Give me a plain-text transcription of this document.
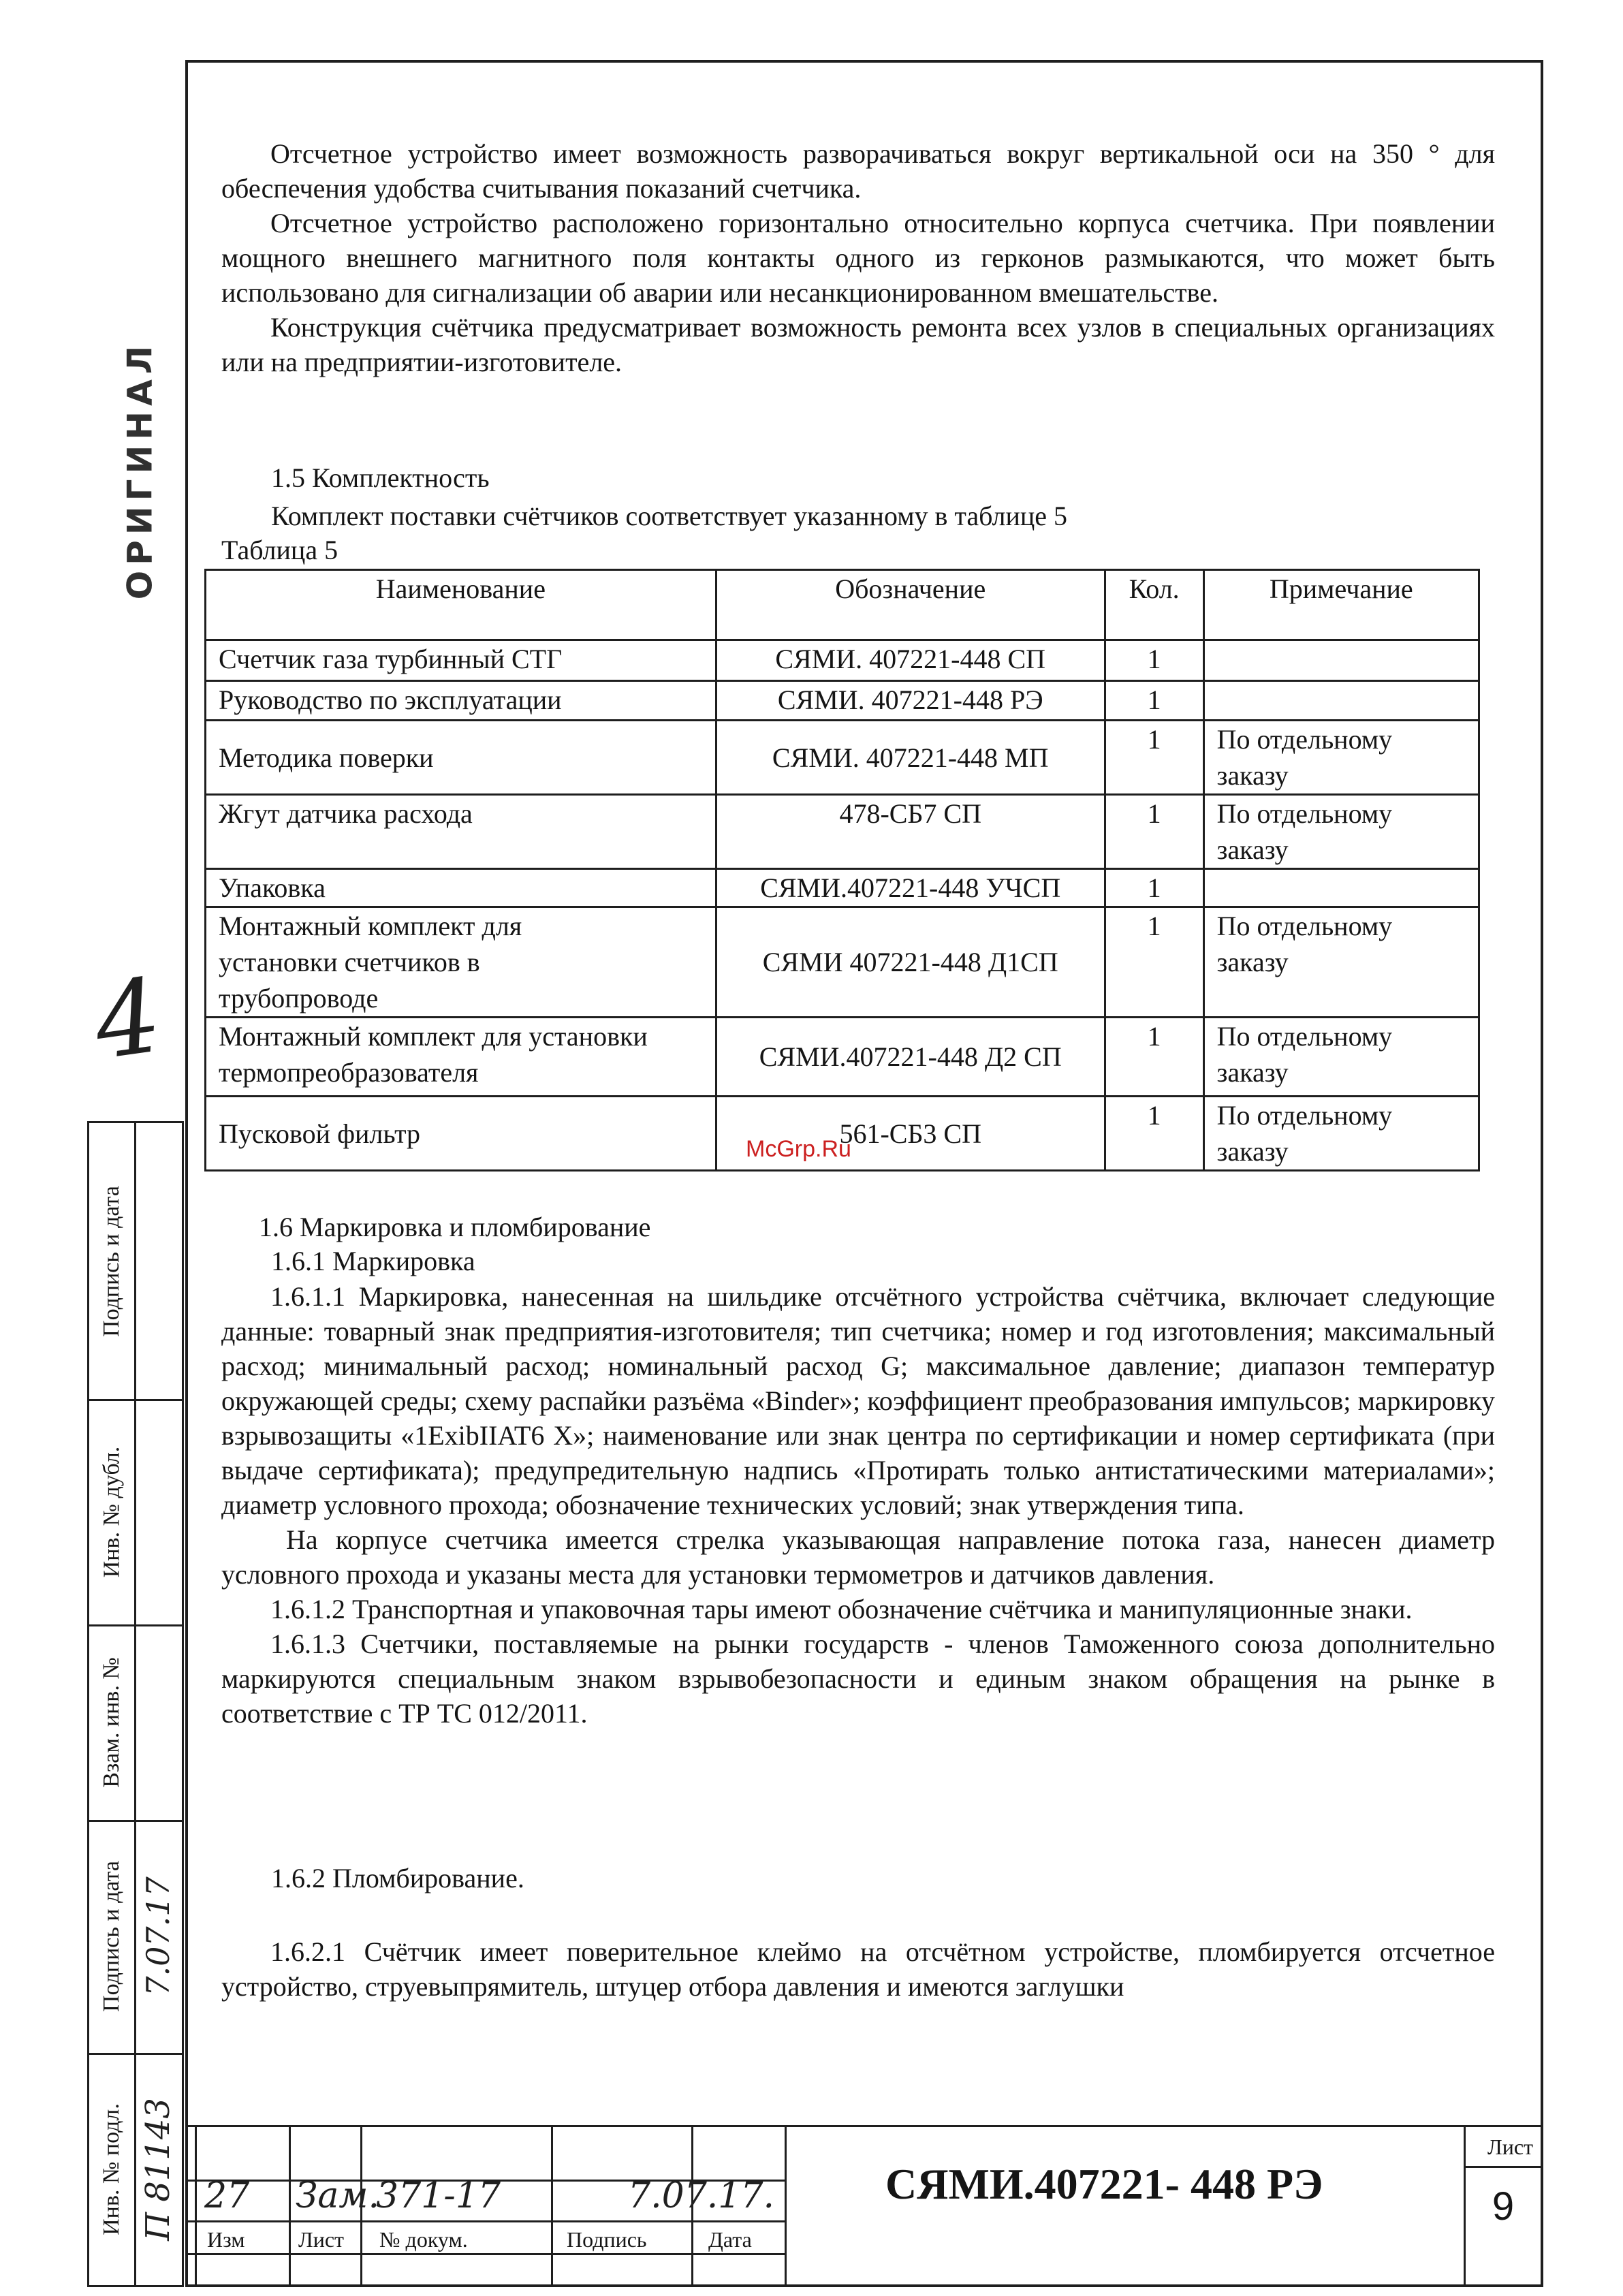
ОРИГИНАЛ
4

Отсчетное устройство имеет возможность разворачиваться вокруг вертикальной оси на 350 ° для обеспечения удобства считывания показаний счетчика.

Отсчетное устройство расположено горизонтально относительно корпуса счетчика. При появлении мощного внешнего магнитного поля контакты одного из герконов размыкаются, что может быть использовано для сигнализации об аварии или несанкционированном вмешательстве.

Конструкция счётчика предусматривает возможность ремонта всех узлов в специальных организациях или на предприятии-изготовителе.

1.5 Комплектность
Комплект поставки счётчиков соответствует указанному в таблице 5
Таблица 5
Наименование	Обозначение	Кол.	Примечание
Счетчик газа турбинный СТГ	СЯМИ. 407221-448 СП	1	
Руководство по эксплуатации	СЯМИ. 407221-448 РЭ	1	
Методика поверки	СЯМИ. 407221-448 МП	1	По отдельному заказу
Жгут датчика расхода	478-СБ7 СП	1	По отдельному заказу
Упаковка	СЯМИ.407221-448 УЧСП	1	
Монтажный комплект для установки счетчиков в трубопроводе	СЯМИ 407221-448 Д1СП	1	По отдельному заказу
Монтажный комплект для установки термопреобразователя	СЯМИ.407221-448 Д2 СП	1	По отдельному заказу
Пусковой фильтр	561-СБ3 СП	1	По отдельному заказу
McGrp.Ru
1.6 Маркировка и пломбирование
1.6.1 Маркировка

1.6.1.1 Маркировка, нанесенная на шильдике отсчётного устройства счётчика, включает следующие данные: товарный знак предприятия-изготовителя; тип счетчика; номер и год изготовления; максимальный расход; минимальный расход; номинальный расход G; максимальное давление; диапазон температур окружающей среды; схему распайки разъёма «Binder»; коэффициент преобразования импульсов; маркировку взрывозащиты «1ExibIIAT6 X»; наименование или знак центра по сертификации и номер сертификата (при выдаче сертификата); предупредительную надпись «Протирать только антистатическими материалами»; диаметр условного прохода; обозначение технических условий; знак утверждения типа.

На корпусе счетчика имеется стрелка указывающая направление потока газа, нанесен диаметр условного прохода и указаны места для установки термометров и датчиков давления.

1.6.1.2 Транспортная и упаковочная тары имеют обозначение счётчика и манипуляционные знаки.

1.6.1.3 Счетчики, поставляемые на рынки государств - членов Таможенного союза дополнительно маркируются специальным знаком взрывобезопасности и единым знаком обращения на рынке в соответствие с ТР ТС 012/2011.

1.6.2 Пломбирование.

1.6.2.1 Счётчик имеет поверительное клеймо на отсчётном устройстве, пломбируется отсчетное устройство, струевыпрямитель, штуцер отбора давления и имеются заглушки

Подпись и дата
Инв. № дубл.
Взам. инв. №
Подпись и дата
Инв. № подл.
7.07.17
П 81143 27 Зам.
371-17	7.07.17.
Изм Лист № докум.	Подпись	Дата
Лист
9
СЯМИ.407221- 448 РЭ
